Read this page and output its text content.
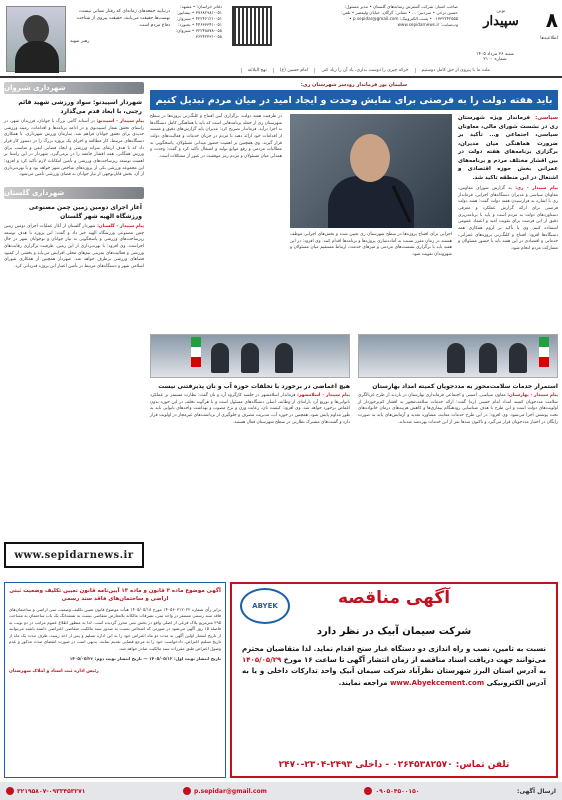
۸
نوین
سپیدار
اطلاعیه‌ها
شنبه ۲۶ مرداد ۱۴۰۵
شماره ۲۱۰۰
صاحب امتیاز: شرکت گسترش رسانه‌های گلستان • مدیر مسئول: حسین برخی • سردبیر: ... • نشانی: گرگان، خیابان ولیعصر • تلفن: ۰۱۷۳۲۲۴۲۵۵۵ • پست الکترونیک: p.sepidar@gmail.com • وب‌سایت: www.sepidarnews.ir
دفاتر خراسان: • مشهد: ۰۵۱-۳۷۶۸۲۹۸۱ • نیشابور: ۰۵۱-۴۲۲۴۶۱۲۱ • سبزوار: ۰۵۱-۴۴۶۳۳۳۴۱ • بجنورد: ۰۵۸-۳۲۲۴۸۸۷۸ • شیروان: ۰۵۸-۳۶۲۴۲۴۳۱
درنیابید جمعه‌های زمانه‌ای که رفتار نشانی نیست، نهضت‌ها حقیقت می‌یابند، حقیقت پیروی از شناخت دفاع مردم است.
رهبر شهید
ملت ما با پیروی از حق کامل دوستیم
حرکه چیزی را دوست بداری، یاد آن را زیاد کنی
امام حسین (ع)
نهج البلاغه
شهرداری شیروان
شهردار اسپیدنو: سواد ورزشی شهید قائم رجبی، با ابعاد قدم می‌گذارد
پیام سپیدار - اسپیدنو: در آستانه گامی بزرگ با جوانان، فرزندان شهر، در راستای تحقق شعار اسپیدنوی و در ادامه برنامه‌ها و اقدامات، زمینه ورزشی جدیدی برای تحقق جوانان فراهم شد. سازمان ورزش شهرداری، با همکاری دستگاه‌های مرتبط، کار مطالعه و اجرای یک پروژه بزرگ را در دستور کار قرار داد که با هدف ارتقای سرانه ورزشی و ایجاد فضایی ایمن و مناسب برای ورزش همگانی، همه اقشار جامعه را در برمی‌گیرد. شهردار در این راستا بر اهمیت توسعه زیرساخت‌های ورزشی و تأمین امکانات لازم تأکید کرد و افزود: این مجموعه ورزشی یکی از پروژه‌های شاخص شهر خواهد بود و با بهره‌برداری از آن، بخش قابل‌توجهی از نیاز جوانان به فضای ورزشی تأمین می‌شود.
شهرداری گلستان
آغاز اجرای دومین زمین چمن مصنوعی ورزشگاه الهیه شهر گلستان
پیام سپیدار - گلستان: شهردار گلستان از آغاز عملیات اجرای دومین زمین چمن مصنوعی ورزشگاه الهیه خبر داد و گفت: این پروژه با هدف توسعه زیرساخت‌های ورزشی و پاسخگویی به نیاز جوانان و نوجوانان شهر در حال اجراست. وی افزود: با بهره‌برداری از این زمین، ظرفیت برگزاری رقابت‌های ورزشی و فعالیت‌های تمرینی تیم‌های محلی افزایش می‌یابد و بخشی از کمبود فضاهای ورزشی برطرف خواهد شد. شهردار همچنین از همکاری شورای اسلامی شهر و دستگاه‌های مرتبط در تأمین اعتبار این پروژه قدردانی کرد.
www.sepidarnews.ir
سلیمان پور فرماندار رودسر شهرستان ری:
باید هفته دولت را به فرصتی برای نمایش وحدت و ایجاد امید در میان مردم تبدیل کنیم
سیاسی: فرماندار ویژه شهرستان ری در نشست شورای مالی، معاونان سیاسی، اجتماعی و... تأکید بر ضرورت هماهنگی میان مدیران، برگزاری برنامه‌های هفته دولت در بین اقشار مختلف مردم و برنامه‌های عمرانی بخش حوزه اقتصادی و اشتغال در این منطقه تاکید شد.
پیام سپیدار - ری: به گزارش شورای معاونین، معاونان سیاسی و مدیران دستگاه‌های اجرایی، فرماندار ری با اشاره به فرارسیدن هفته دولت گفت: هفته دولت فرصتی برای ارائه گزارش عملکرد و معرفی دستاوردهای دولت به مردم است و باید با برنامه‌ریزی دقیق از این فرصت برای تقویت امید و اعتماد عمومی استفاده کنیم. وی با تأکید بر لزوم همکاری همه دستگاه‌ها افزود: افتتاح و کلنگ‌زنی پروژه‌های عمرانی، خدماتی و اقتصادی در این هفته باید با حضور مسئولان و مشارکت مردم انجام شود.
اجرایی برای افتتاح پروژه‌ها در سطح شهرستان ری تعیین شده و بخش‌های اجرایی موظف هستند در زمان مقرر نسبت به آماده‌سازی پروژه‌ها و برنامه‌ها اقدام کنند. وی افزود: در این هفته باید با برگزاری نشست‌های مردمی و میزهای خدمت، ارتباط مستقیم میان مسئولان و شهروندان تقویت شود.
در ظرفیت هفته دولت، برگزاری آیین افتتاح و کلنگ‌زنی پروژه‌ها در سطح شهرستان ری از جمله برنامه‌هایی است که باید با هماهنگی کامل دستگاه‌ها به اجرا درآید. فرماندار تصریح کرد: مدیران باید گزارش‌های دقیق و مستند از اقدامات خود ارائه دهند تا مردم در جریان خدمات و فعالیت‌های دولت قرار گیرند. وی همچنین بر اهمیت حضور میدانی مسئولان، پاسخگویی به مطالبات مردمی و رفع موانع تولید و اشتغال تأکید کرد و گفت: وحدت و همدلی میان مسئولان و مردم رمز موفقیت در عبور از مشکلات است.
استمرار خدمات سلامت‌محور به مددجویان کمیته امداد بهارستان
پیام سپیدار - بهارستان: معاون سیاسی، امنیتی و اجتماعی فرمانداری بهارستان در بازدید از طرح غربالگری سلامت مددجویان کمیته امداد امام خمینی (ره) گفت: ارائه خدمات سلامت‌محور به اقشار کم‌برخوردار از اولویت‌های دولت است و این طرح با هدف شناسایی زودهنگام بیماری‌ها و کاهش هزینه‌های درمان خانواده‌های تحت پوشش اجرا می‌شود. وی افزود: در این طرح خدمات معاینه، مشاوره تغذیه و آزمایش‌های پایه به صورت رایگان در اختیار مددجویان قرار می‌گیرد و تاکنون صدها نفر از این خدمات بهره‌مند شده‌اند.
هیچ اغماضی در برخورد با تخلفات حوزه آب و نان پذیرفتنی نیست
پیام سپیدار - اسلامشهر: فرماندار اسلامشهر در جلسه کارگروه آرد و نان گفت: نظارت مستمر بر عملکرد نانوایی‌ها و توزیع آرد یارانه‌ای از وظایف اصلی دستگاه‌های مسئول است و با هرگونه تخلف در این حوزه بدون اغماض برخورد خواهد شد. وی افزود: کیفیت نان، رعایت وزن و نرخ مصوب و بهداشت واحدهای نانوایی باید به طور مداوم پایش شود. همچنین در حوزه آب، مدیریت مصرف و جلوگیری از برداشت‌های غیرمجاز در اولویت قرار دارد و گشت‌های مشترک نظارتی در سطح شهرستان فعال هستند.
آگهی موضوع ماده ۳ قانون و ماده ۱۳ آیین‌نامه قانون تعیین تکلیف وضعیت ثبتی اراضی و ساختمان‌های فاقد سند رسمی

برابر رأی شماره ۱۴۰۵۶۰۳۱۲۰۲۲ مورخ ۱۴۰۵/۰۵/۱۸ هیأت موضوع قانون تعیین تکلیف وضعیت ثبتی اراضی و ساختمان‌های فاقد سند رسمی مستقر در واحد ثبتی، تصرفات مالکانه بلامعارض متقاضی نسبت به ششدانگ یک باب ساختمان به مساحت ۲۹۵ مترمربع پلاک فرعی از اصلی واقع در بخش ثبتی محرز گردیده است. لذا به منظور اطلاع عموم مراتب در دو نوبت به فاصله ۱۵ روز آگهی می‌شود در صورتی که اشخاص نسبت به صدور سند مالکیت متقاضی اعتراضی داشته باشند می‌توانند از تاریخ انتشار اولین آگهی به مدت دو ماه اعتراض خود را به این اداره تسلیم و پس از اخذ رسید، ظرف مدت یک ماه از تاریخ تسلیم اعتراض، دادخواست خود را به مرجع قضایی تقدیم نمایند. بدیهی است در صورت انقضای مدت مذکور و عدم وصول اعتراض طبق مقررات سند مالکیت صادر خواهد شد.

تاریخ انتشار نوبت اول: ۱۴۰۵/۰۵/۱۲ — تاریخ انتشار نوبت دوم: ۱۴۰۵/۰۵/۲۶

رئیس اداره ثبت اسناد و املاک شهرستان
ABYEK	آگهی مناقصه
شرکت سیمان آبیک در نظر دارد
نسبت به تامین، نصب و راه اندازی دو دستگاه غبار سنج اقدام نماید. لذا متقاضیان محترم می‌توانند جهت دریافت اسناد مناقصه از زمان انتشار آگهی تا ساعت ۱۶ مورخ ۱۴۰۵/۰۵/۲۹ به آدرس استان البرز شهرستان نظرآباد شرکت سیمان آبیک واحد تدارکات داخلی و یا به آدرس الکترونیکی www.Abyekcement.com مراجعه نمایند.
تلفن تماس: ۰۲۶۴۵۳۸۲۵۷۰ - داخلی ۲۴۹۳-۲۳۰۴-۲۴۷۰
۳۲۱۹۵۸۰۷-۰۹۳۳۴۵۳۲۷۱	p.sepidar@gmail.com	۰۹۰۵۰۴۵۰۰۱۵۰	ارسال آگهی:
